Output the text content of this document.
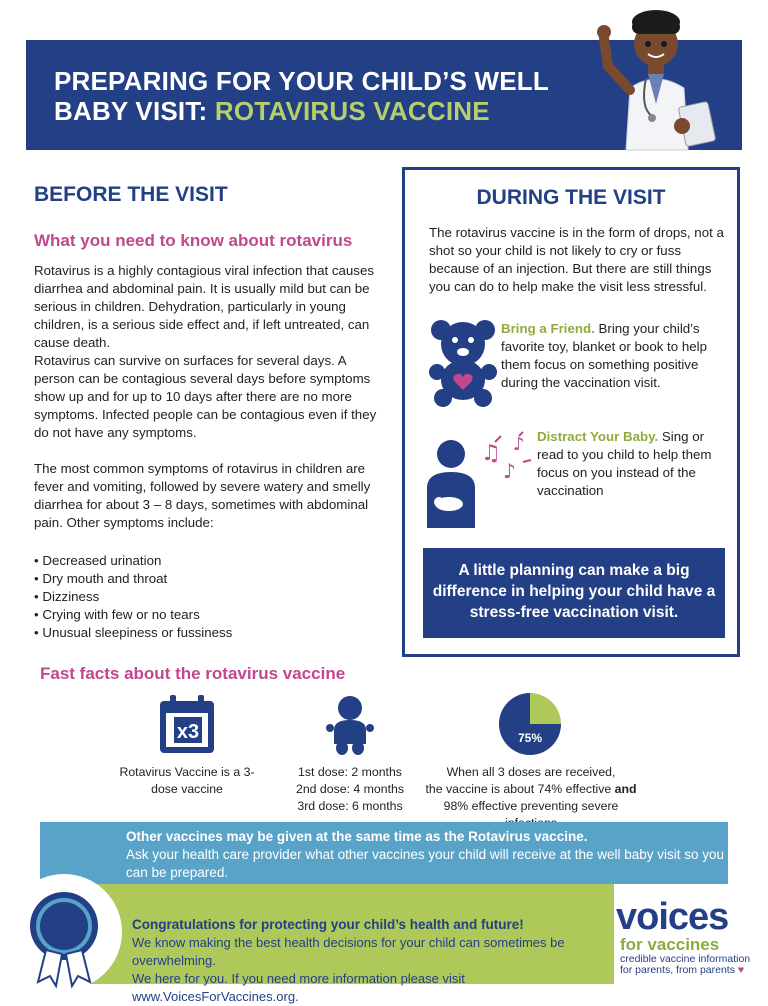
PREPARING FOR YOUR CHILD’S WELL
BABY VISIT: ROTAVIRUS VACCINE
BEFORE THE VISIT
What you need to know about rotavirus

Rotavirus is a highly contagious viral infection that causes diarrhea and abdominal pain. It is usually mild but can be serious in children. Dehydration, particularly in young children, is a serious side effect and, if left untreated, can cause death.

Rotavirus can survive on surfaces for several days. A person can be contagious several days before symptoms show up and for up to 10 days after there are no more symptoms. Infected people can be contagious even if they do not have any symptoms.

The most common symptoms of rotavirus in children are fever and vomiting, followed by severe watery and smelly diarrhea for about 3 – 8 days, sometimes with abdominal pain. Other symptoms include:

• Decreased urination
• Dry mouth and throat
• Dizziness
• Crying with few or no tears
• Unusual sleepiness or fussiness
DURING THE VISIT

The rotavirus vaccine is in the form of drops, not a shot so your child is not likely to cry or fuss because of an injection. But there are still things you can do to help make the visit less stressful.

Bring a Friend. Bring your child’s favorite toy, blanket or book to help them focus on something positive during the vaccination visit.

♫
♪
♪ Distract Your Baby. Sing or read to you child to help them focus on you instead of the vaccination

A little planning can make a big difference in helping your child have a stress-free vaccination visit.
Fast facts about the rotavirus vaccine
x3
Rotavirus Vaccine is a 3-dose vaccine
1st dose: 2 months
2nd dose: 4 months
3rd dose: 6 months
75%
When all 3 doses are received,
the vaccine is about 74% effective and
98% effective preventing severe
Other vaccines may be given at the same time as the Rotavirus vaccine.
Ask your health care provider what other vaccines your child will receive at the well baby visit so you can be prepared.
Congratulations for protecting your child’s health and future!
We know making the best health decisions for your child can sometimes be overwhelming.
We here for you. If you need more information please visit www.VoicesForVaccines.org.
voices
for vaccines
credible vaccine information
for parents, from parents ♥
